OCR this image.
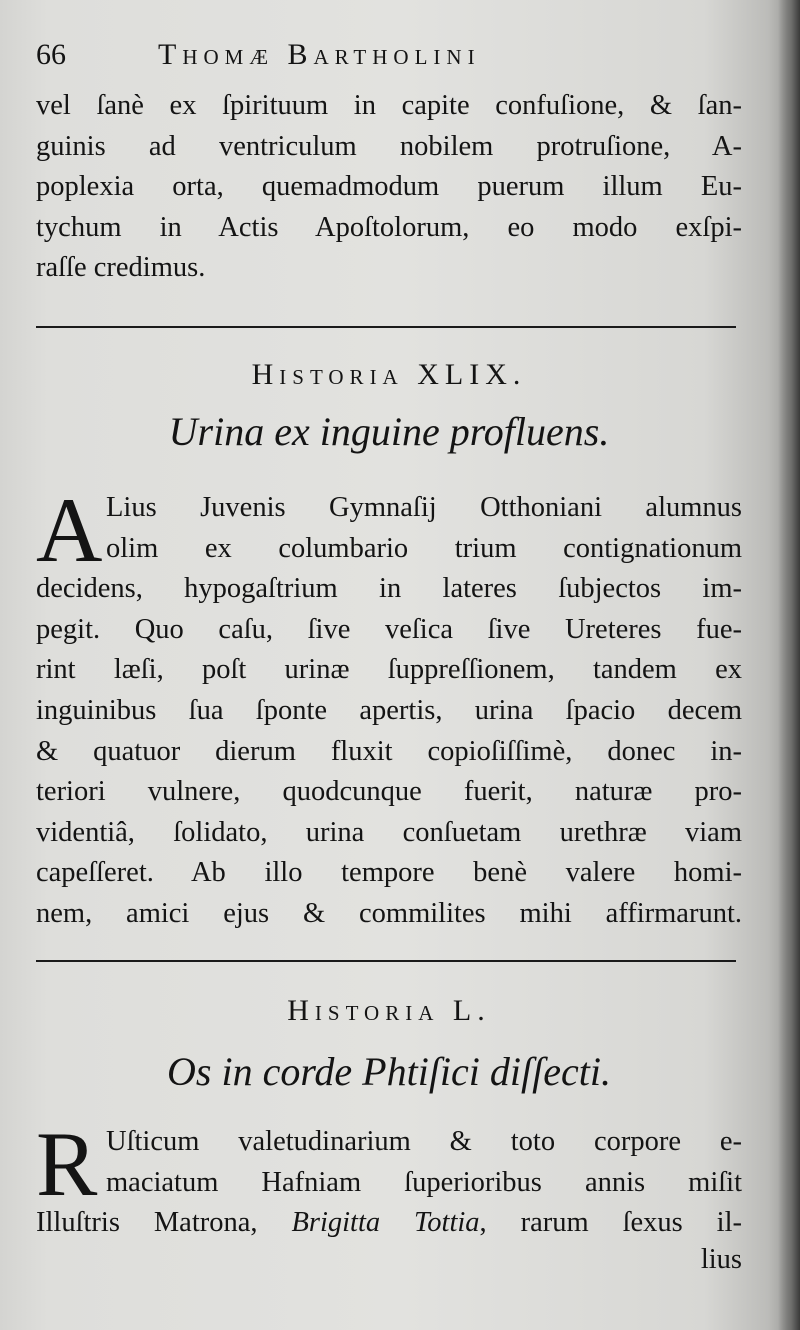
66	Thomæ Bartholini
vel ſanè ex ſpirituum in capite confuſione, & ſan-
guinis ad ventriculum nobilem protruſione, A-
poplexia orta, quemadmodum puerum illum Eu-
tychum in Actis Apoſtolorum, eo modo exſpi-
raſſe credimus.
Historia XLIX.
Urina ex inguine profluens.
A Lius Juvenis Gymnaſij Otthoniani alumnus
olim ex columbario trium contignationum
decidens, hypogaſtrium in lateres ſubjectos im-
pegit. Quo caſu, ſive veſica ſive Ureteres fue-
rint læſi, poſt urinæ ſuppreſſionem, tandem ex
inguinibus ſua ſponte apertis, urina ſpacio decem
& quatuor dierum fluxit copioſiſſimè, donec in-
teriori vulnere, quodcunque fuerit, naturæ pro-
videntiâ, ſolidato, urina conſuetam urethræ viam
capeſſeret. Ab illo tempore benè valere homi-
nem, amici ejus & commilites mihi affirmarunt.
Historia L.
Os in corde Phtiſici diſſecti.
R Uſticum valetudinarium & toto corpore e-
maciatum Hafniam ſuperioribus annis miſit
Illuſtris Matrona, Brigitta Tottia, rarum ſexus il-
lius
